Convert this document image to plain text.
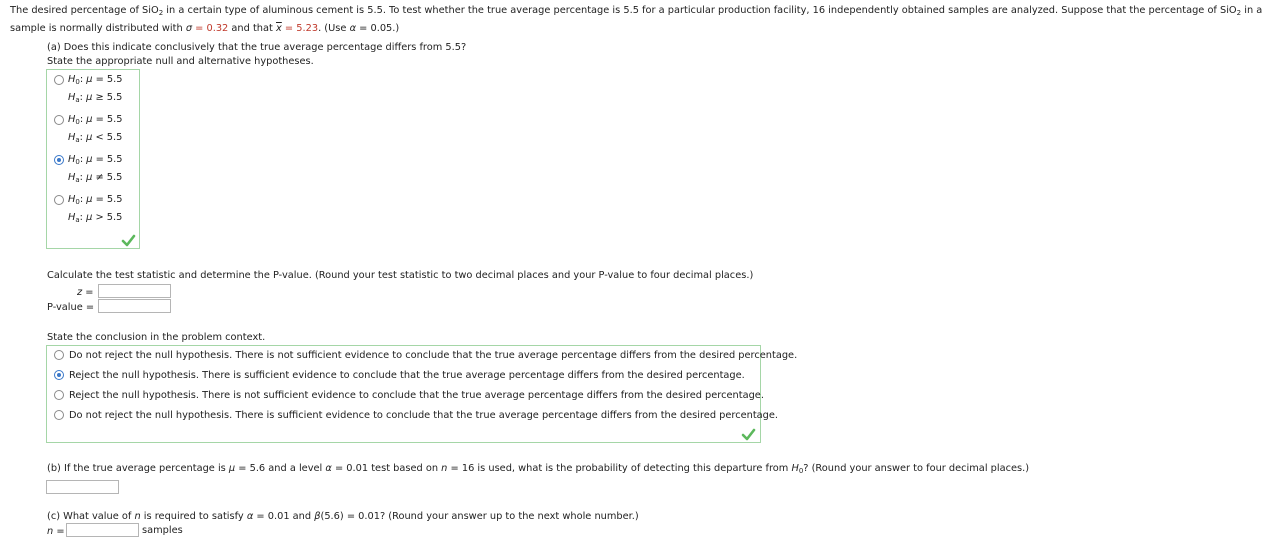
The desired percentage of SiO$_2$ in a certain type of aluminous cement is 5.5. To test whether the true average percentage is 5.5 for a particular production facility, 16 independently obtained samples are analyzed. Suppose that the percentage of SiO$_2$ in a
sample is normally distributed with σ = 0.32 and that $\overline{x} = 5.23$. (Use α = 0.05.)
(a) Does this indicate conclusively that the true average percentage differs from 5.5?
State the appropriate null and alternative hypotheses.
$H_0$: μ = 5.5
$H_a$: μ ≥ 5.5
$H_0$: μ = 5.5
$H_a$: μ < 5.5
$H_0$: μ = 5.5
$H_a$: μ ≠ 5.5
$H_0$: μ = 5.5
$H_a$: μ > 5.5
Calculate the test statistic and determine the P-value. (Round your test statistic to two decimal places and your P-value to four decimal places.)
z =
P-value =
State the conclusion in the problem context.
Do not reject the null hypothesis. There is not sufficient evidence to conclude that the true average percentage differs from the desired percentage.
Reject the null hypothesis. There is sufficient evidence to conclude that the true average percentage differs from the desired percentage.
Reject the null hypothesis. There is not sufficient evidence to conclude that the true average percentage differs from the desired percentage.
Do not reject the null hypothesis. There is sufficient evidence to conclude that the true average percentage differs from the desired percentage.
(b) If the true average percentage is μ = 5.6 and a level α = 0.01 test based on n = 16 is used, what is the probability of detecting this departure from $H_0$? (Round your answer to four decimal places.)
(c) What value of n is required to satisfy α = 0.01 and β(5.6) = 0.01? (Round your answer up to the next whole number.)
n =	samples
